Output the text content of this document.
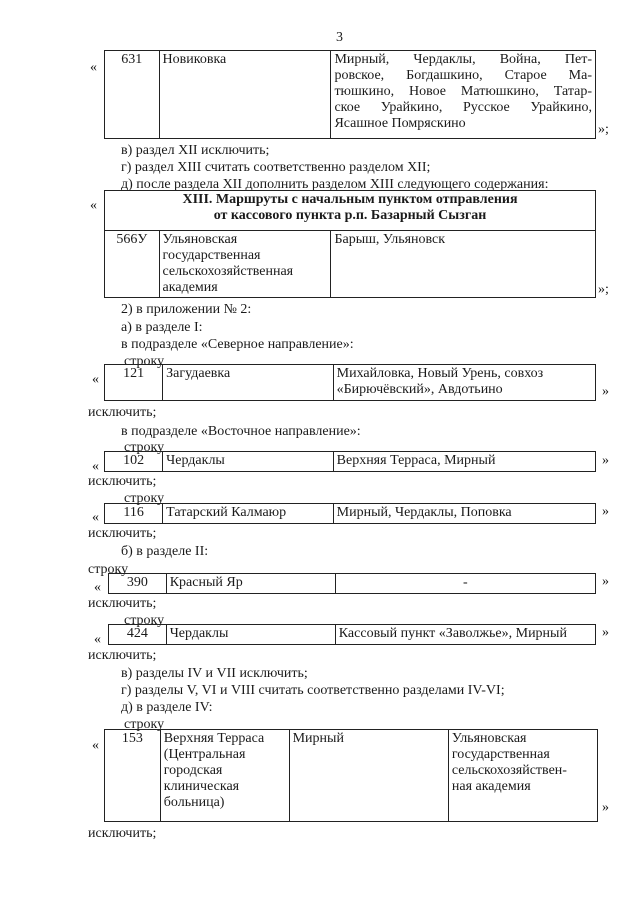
3
«
631	Новиковка	Мирный, Чердаклы, Война, Пет-
ровское, Богдашкино, Старое Ма-
тюшкино, Новое Матюшкино, Татар-
ское Урайкино, Русское Урайкино,
Ясашное Помряскино	»;
в) раздел XII исключить;
г) раздел XIII считать соответственно разделом XII;
д) после раздела XII дополнить разделом XIII следующего содержания:
«	XIII. Маршруты с начальным пунктом отправления
от кассового пункта р.п. Базарный Сызган

566У	Ульяновская
государственная
сельскохозяйственная
академия
	Барыш, Ульяновск
»;
2) в приложении № 2:
а) в разделе I:
в подразделе «Северное направление»:
строку
« 121	Загудаевка	Михайловка, Новый Урень, совхоз
«Бирючёвский», Авдотьино	»
исключить;
в подразделе «Восточное направление»:
строку
« 102	Чердаклы	Верхняя Терраса, Мирный	»
исключить;
строку
« 116	Татарский Калмаюр	Мирный, Чердаклы, Поповка	»
исключить;
б) в разделе II:
строку
« 390	Красный Яр	-	»
исключить;
строку
« 424	Чердаклы	Кассовый пункт «Заволжье», Мирный	»
исключить;
в) разделы IV и VII исключить;
г) разделы V, VI и VIII считать соответственно разделами IV-VI;
д) в разделе IV:
строку
« 153	Верхняя Терраса
(Центральная
городская
клиническая
больница)
	Мирный	Ульяновская
государственная
сельскохозяйствен-
ная академия
»
исключить;
